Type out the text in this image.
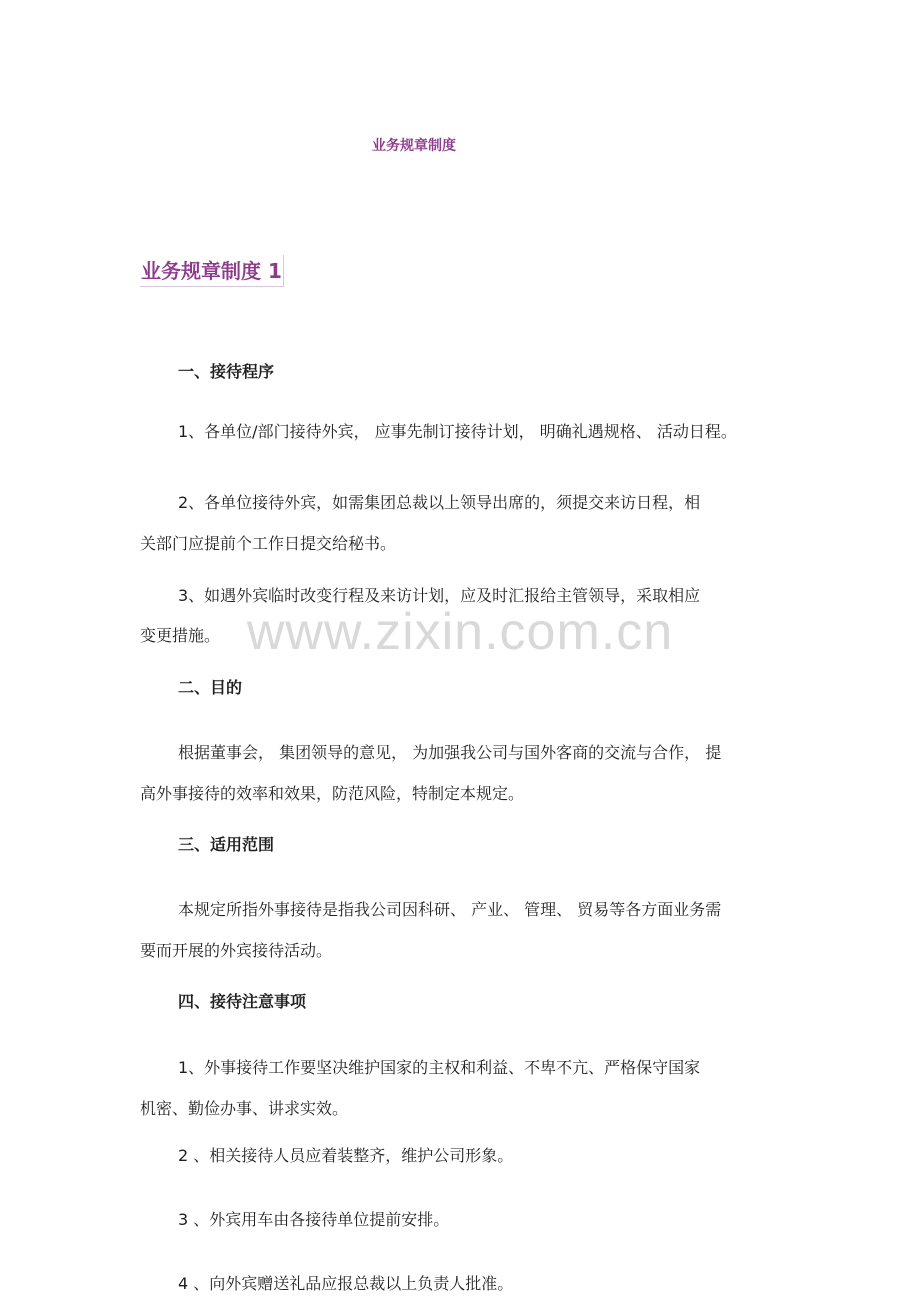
业务规章制度
业务规章制度 1
一、接待程序
1、各单位/部门接待外宾， 应事先制订接待计划， 明确礼遇规格、 活动日程。
2、各单位接待外宾，如需集团总裁以上领导出席的，须提交来访日程，相
关部门应提前个工作日提交给秘书。
3、如遇外宾临时改变行程及来访计划，应及时汇报给主管领导，采取相应
变更措施。 www.zixin.com.cn
二、目的
根据董事会， 集团领导的意见， 为加强我公司与国外客商的交流与合作， 提
高外事接待的效率和效果，防范风险，特制定本规定。
三、适用范围
本规定所指外事接待是指我公司因科研、 产业、 管理、 贸易等各方面业务需
要而开展的外宾接待活动。
四、接待注意事项
1、外事接待工作要坚决维护国家的主权和利益、不卑不亢、严格保守国家
机密、勤俭办事、讲求实效。
2 、相关接待人员应着装整齐，维护公司形象。
3 、外宾用车由各接待单位提前安排。
4 、向外宾赠送礼品应报总裁以上负责人批准。
